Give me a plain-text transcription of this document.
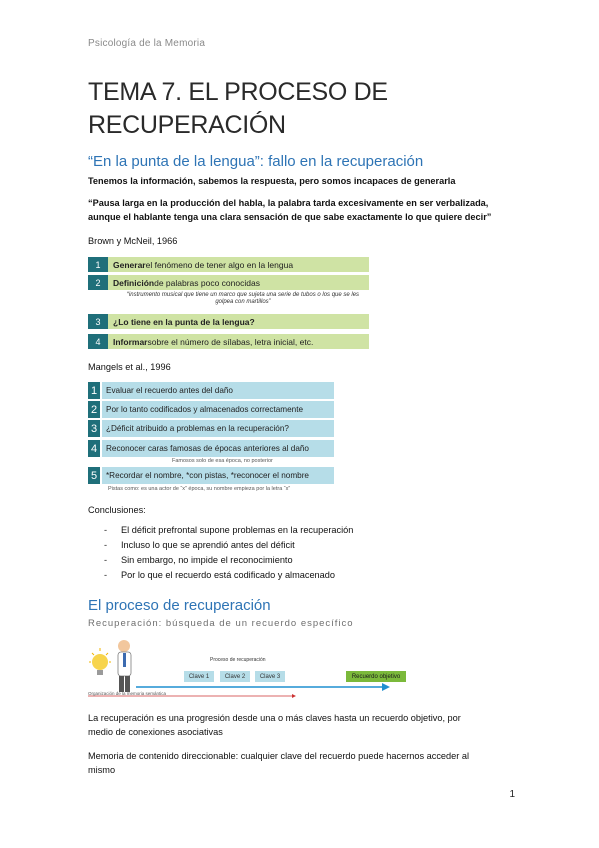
Psicología de la Memoria
TEMA 7. EL PROCESO DE RECUPERACIÓN
“En la punta de la lengua”: fallo en la recuperación
Tenemos la información, sabemos la respuesta, pero somos incapaces de generarla
“Pausa larga en la producción del habla, la palabra tarda excesivamente en ser verbalizada,
aunque el hablante tenga una clara sensación de que sabe exactamente lo que quiere decir”
Brown y McNeil, 1966
1	Generar el fenómeno de tener algo en la lengua
2	Definición de palabras poco conocidas
“instrumento musical que tiene un marco que sujeta una serie de tubos o los que se les golpea con martillos”
3	¿Lo tiene en la punta de la lengua?
4	Informar sobre el número de sílabas, letra inicial, etc.
Mangels et al., 1996
1	Evaluar el recuerdo antes del daño
2	Por lo tanto codificados y almacenados correctamente
3	¿Déficit atribuido a problemas en la recuperación?
4	Reconocer caras famosas de épocas anteriores al daño
Famosos solo de esa época, no posterior
5	*Recordar el nombre, *con pistas, *reconocer el nombre
Pistas como: es una actor de “x” época, su nombre empieza por la letra “x”
Conclusiones:
- El déficit prefrontal supone problemas en la recuperación
- Incluso lo que se aprendió antes del déficit
- Sin embargo, no impide el reconocimiento
- Por lo que el recuerdo está codificado y almacenado
El proceso de recuperación
Recuperación: búsqueda de un recuerdo específico
Proceso de recuperación
Clave 1	Clave 2	Clave 3	Recuerdo objetivo
Organización de la memoria semántica
La recuperación es una progresión desde una o más claves hasta un recuerdo objetivo, por
medio de conexiones asociativas
Memoria de contenido direccionable: cualquier clave del recuerdo puede hacernos acceder al
mismo
1
